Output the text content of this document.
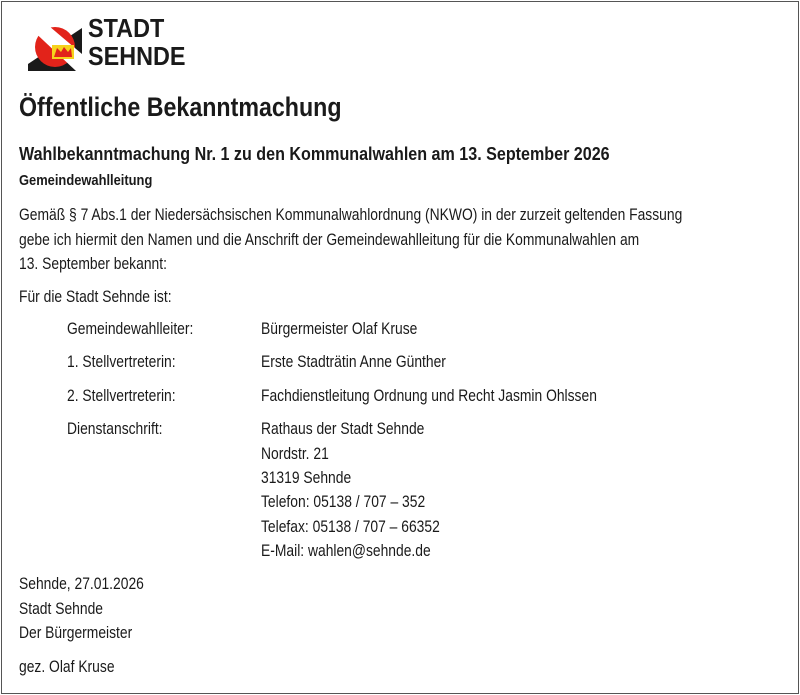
STADT
SEHNDE
Öffentliche Bekanntmachung
Wahlbekanntmachung Nr. 1 zu den Kommunalwahlen am 13. September 2026
Gemeindewahlleitung
Gemäß § 7 Abs.1 der Niedersächsischen Kommunalwahlordnung (NKWO) in der zurzeit geltenden Fassung
gebe ich hiermit den Namen und die Anschrift der Gemeindewahlleitung für die Kommunalwahlen am
13. September bekannt:
Für die Stadt Sehnde ist:
Gemeindewahlleiter:	Bürgermeister Olaf Kruse
1. Stellvertreterin:	Erste Stadträtin Anne Günther
2. Stellvertreterin:	Fachdienstleitung Ordnung und Recht Jasmin Ohlssen
Dienstanschrift:	Rathaus der Stadt Sehnde
Nordstr. 21
31319 Sehnde
Telefon: 05138 / 707 – 352
Telefax: 05138 / 707 – 66352
E-Mail: wahlen@sehnde.de
Sehnde, 27.01.2026
Stadt Sehnde
Der Bürgermeister
gez. Olaf Kruse
